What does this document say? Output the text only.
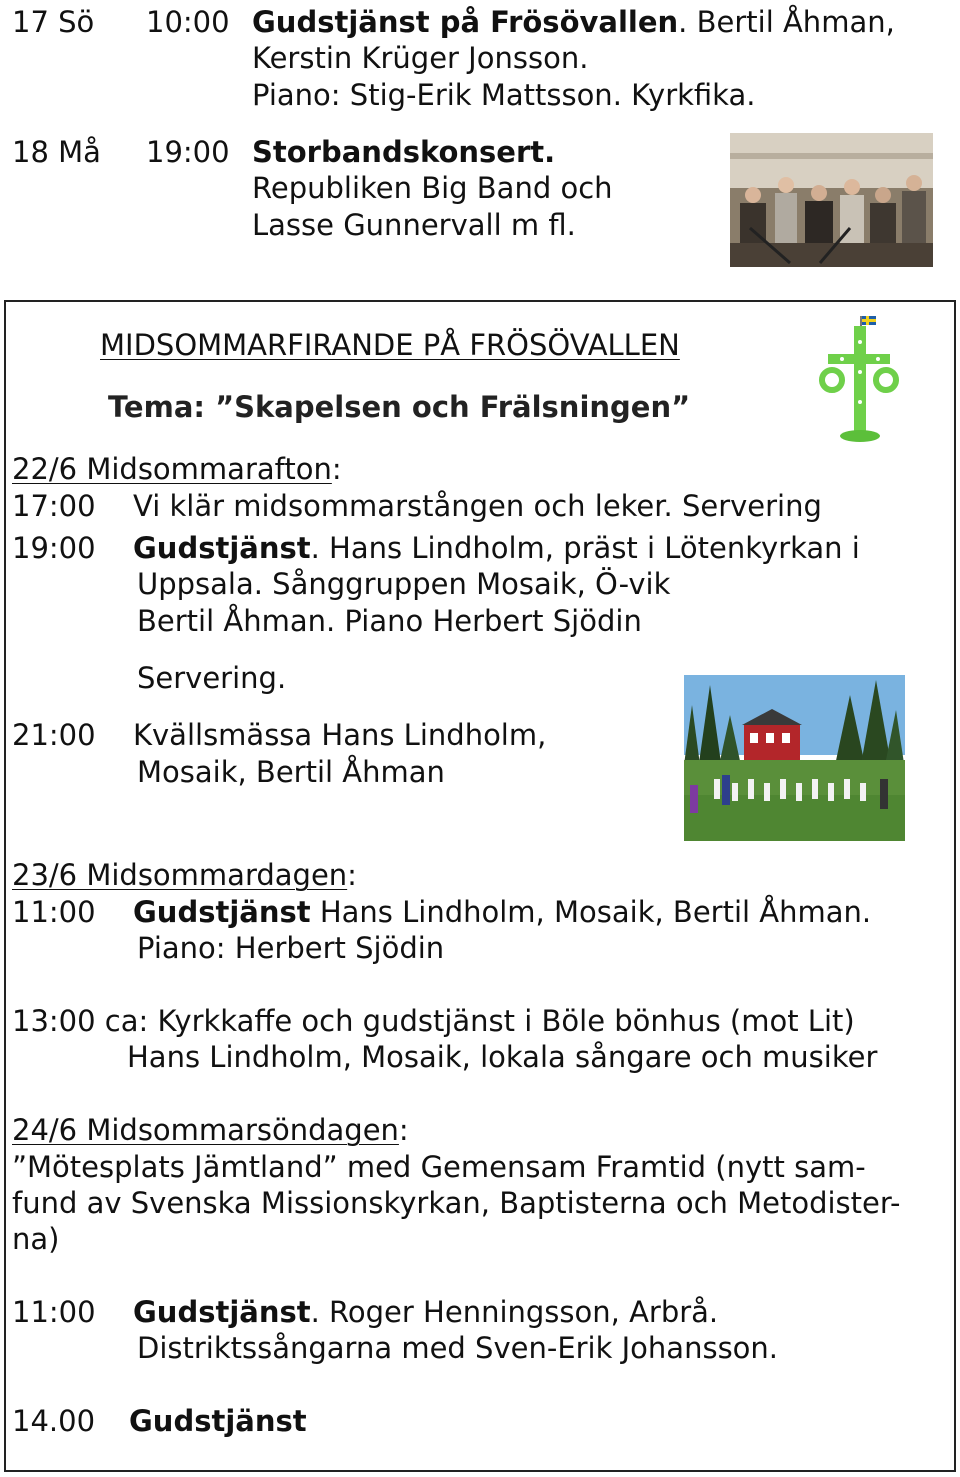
17 Sö 10:00 Gudstjänst på Frösövallen. Bertil Åhman,
Kerstin Krüger Jonsson.
Piano: Stig-Erik Mattsson. Kyrkfika.
18 Må 19:00 Storbandskonsert.
Republiken Big Band och
Lasse Gunnervall m fl.
MIDSOMMARFIRANDE PÅ FRÖSÖVALLEN
Tema: ”Skapelsen och Frälsningen”
22/6 Midsommarafton:
17:00 Vi klär midsommarstången och leker. Servering
19:00 Gudstjänst. Hans Lindholm, präst i Lötenkyrkan i
Uppsala. Sånggruppen Mosaik, Ö-vik
Bertil Åhman. Piano Herbert Sjödin
Servering.
21:00 Kvällsmässa Hans Lindholm,
Mosaik, Bertil Åhman
23/6 Midsommardagen:
11:00 Gudstjänst Hans Lindholm, Mosaik, Bertil Åhman.
Piano: Herbert Sjödin
13:00 ca: Kyrkkaffe och gudstjänst i Böle bönhus (mot Lit)
Hans Lindholm, Mosaik, lokala sångare och musiker
24/6 Midsommarsöndagen:
”Mötesplats Jämtland” med Gemensam Framtid (nytt sam-
fund av Svenska Missionskyrkan, Baptisterna och Metodister-
na)
11:00 Gudstjänst. Roger Henningsson, Arbrå.
Distriktssångarna med Sven-Erik Johansson.
14.00 Gudstjänst
